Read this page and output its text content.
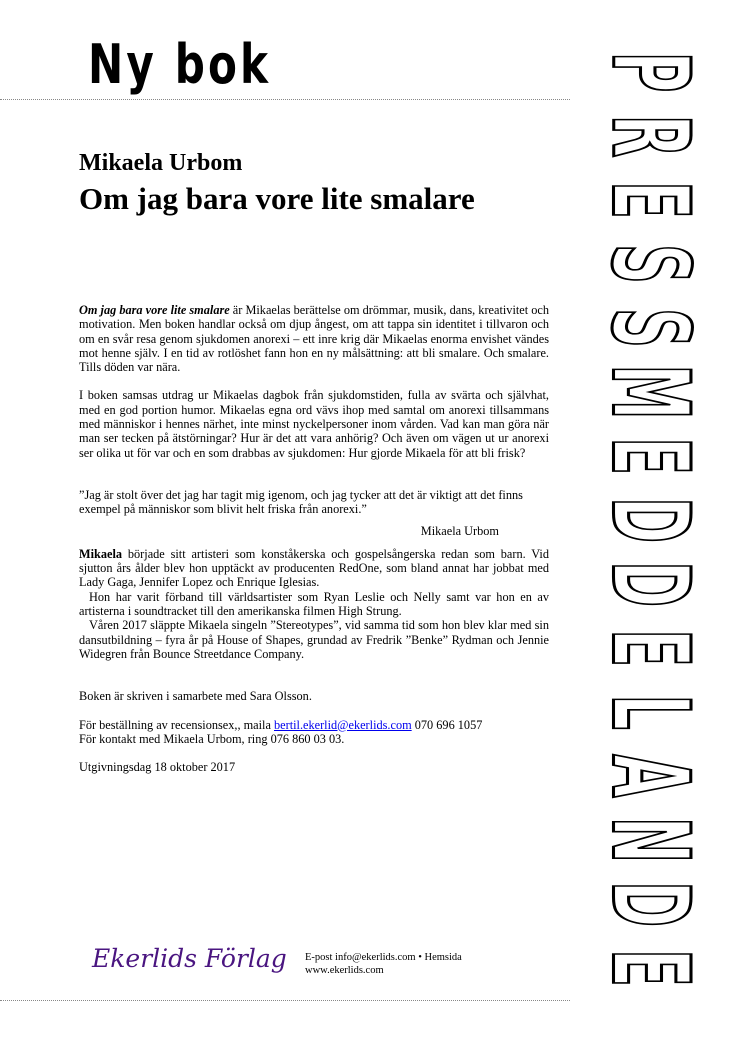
Ny bok
Mikaela Urbom
Om jag bara vore lite smalare

Om jag bara vore lite smalare är Mikaelas berättelse om drömmar, musik, dans, kreativitet och motivation. Men boken handlar också om djup ångest, om att tappa sin identitet i tillvaron och om en svår resa genom sjukdomen anorexi – ett inre krig där Mikaelas enorma envishet vändes mot henne själv. I en tid av rotlöshet fann hon en ny målsättning: att bli smalare. Och smalare. Tills döden var nära.

I boken samsas utdrag ur Mikaelas dagbok från sjukdomstiden, fulla av svärta och självhat, med en god portion humor. Mikaelas egna ord vävs ihop med samtal om anorexi tillsammans med människor i hennes närhet, inte minst nyckelpersoner inom vården. Vad kan man göra när man ser tecken på ätstörningar? Hur är det att vara anhörig? Och även om vägen ut ur anorexi ser olika ut för var och en som drabbas av sjukdomen: Hur gjorde Mikaela för att bli frisk?

”Jag är stolt över det jag har tagit mig igenom, och jag tycker att det är viktigt att det finns exempel på människor som blivit helt friska från anorexi.”

Mikaela Urbom

Mikaela började sitt artisteri som konståkerska och gospelsångerska redan som barn. Vid sjutton års ålder blev hon upptäckt av producenten RedOne, som bland annat har jobbat med Lady Gaga, Jennifer Lopez och Enrique Iglesias.

Hon har varit förband till världsartister som Ryan Leslie och Nelly samt var hon en av artisterna i soundtracket till den amerikanska filmen High Strung.

Våren 2017 släppte Mikaela singeln ”Stereotypes”, vid samma tid som hon blev klar med sin dansutbildning – fyra år på House of Shapes, grundad av Fredrik ”Benke” Rydman och Jennie Widegren från Bounce Streetdance Company.

Boken är skriven i samarbete med Sara Olsson.

För beställning av recensionsex,, maila bertil.ekerlid@ekerlids.com 070 696 1057

För kontakt med Mikaela Urbom, ring 076 860 03 03.

Utgivningsdag 18 oktober 2017

Ekerlids Förlag E-post info@ekerlids.com • Hemsida
www.ekerlids.com
P
R
E
S
S
M
E
D
D
E
L
A
N
D
E
